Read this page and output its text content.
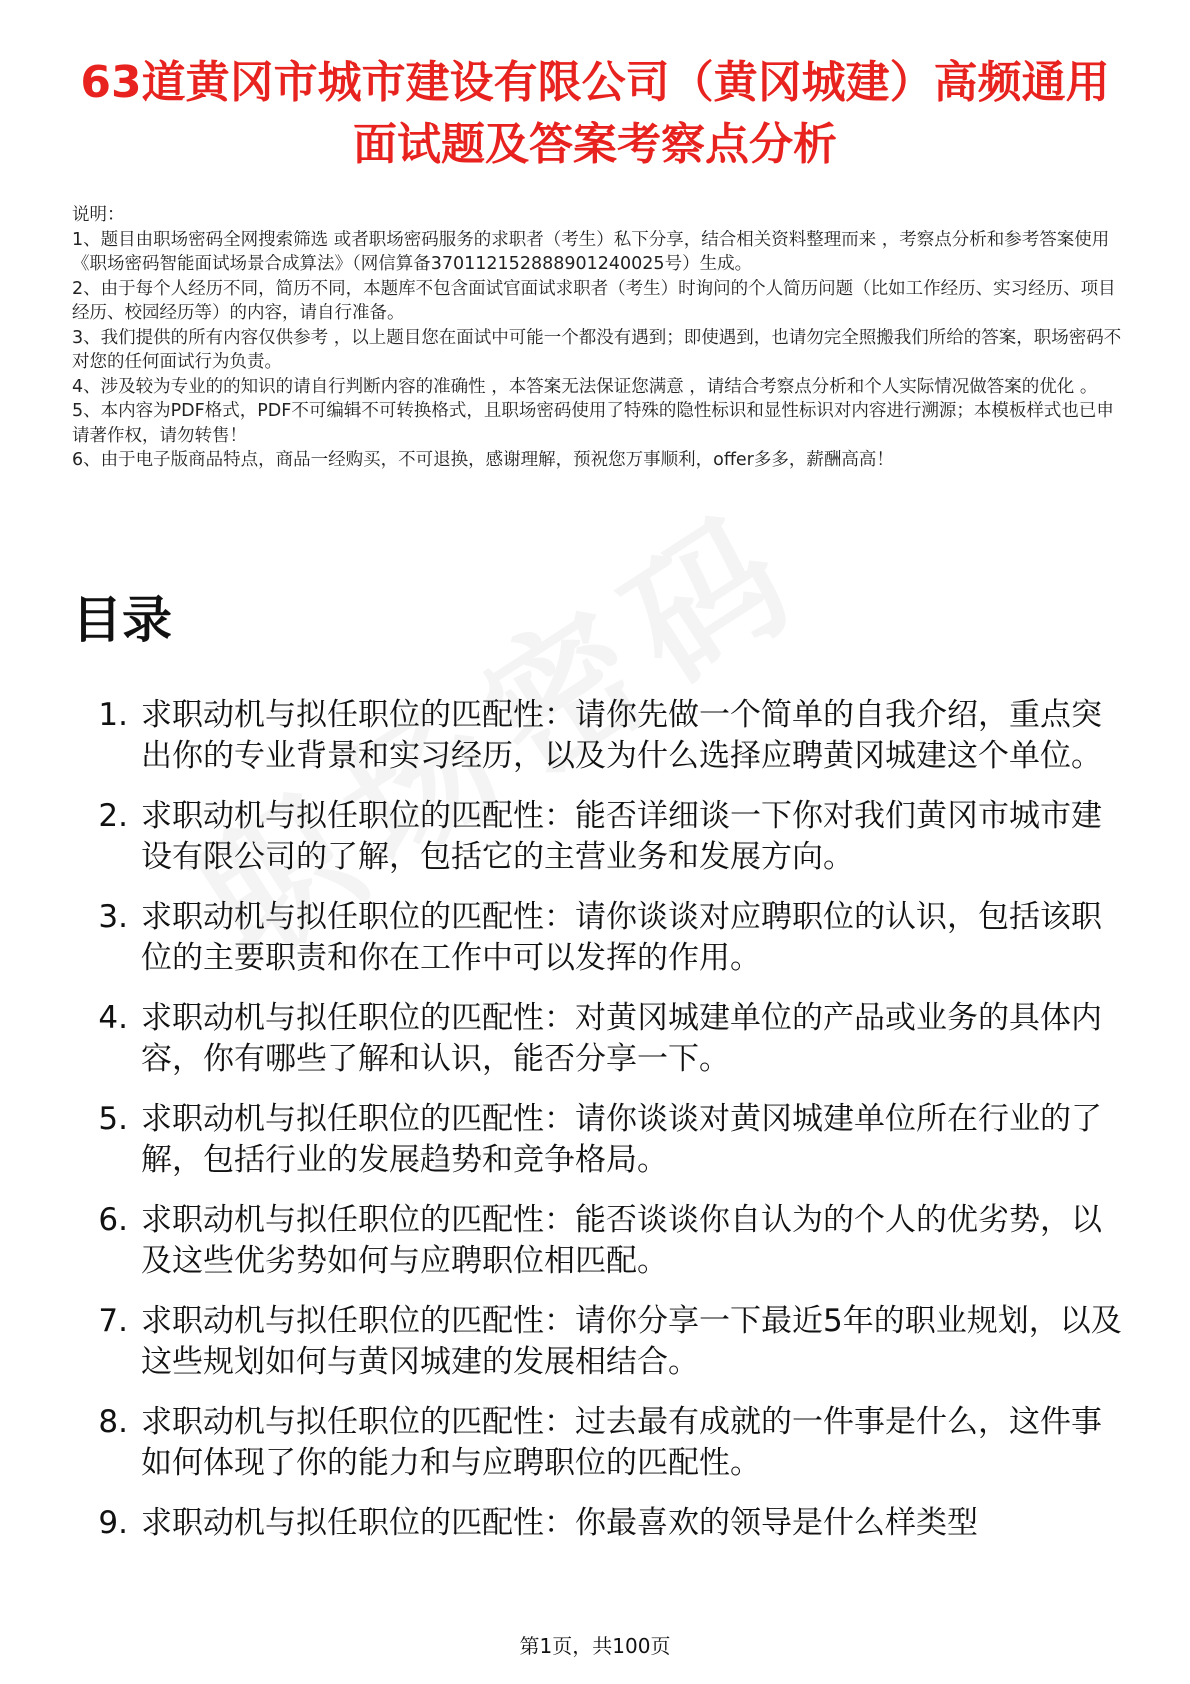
63道黄冈市城市建设有限公司（黄冈城建）高频通用面试题及答案考察点分析

说明：

1、题目由职场密码全网搜索筛选 或者职场密码服务的求职者（考生）私下分享，结合相关资料整理而来 ，考察点分析和参考答案使用《职场密码智能面试场景合成算法》（网信算备370112152888901240025号）生成。

2、由于每个人经历不同，简历不同，本题库不包含面试官面试求职者（考生）时询问的个人简历问题（比如工作经历、实习经历、项目经历、校园经历等）的内容，请自行准备。

3、我们提供的所有内容仅供参考 ，以上题目您在面试中可能一个都没有遇到；即使遇到，也请勿完全照搬我们所给的答案，职场密码不对您的任何面试行为负责。

4、涉及较为专业的的知识的请自行判断内容的准确性 ，本答案无法保证您满意 ，请结合考察点分析和个人实际情况做答案的优化 。

5、本内容为PDF格式，PDF不可编辑不可转换格式，且职场密码使用了特殊的隐性标识和显性标识对内容进行溯源；本模板样式也已申请著作权，请勿转售！

6、由于电子版商品特点，商品一经购买，不可退换，感谢理解，预祝您万事顺利，offer多多，薪酬高高！

目录
1. 求职动机与拟任职位的匹配性：请你先做一个简单的自我介绍，重点突出你的专业背景和实习经历，以及为什么选择应聘黄冈城建这个单位。
2. 求职动机与拟任职位的匹配性：能否详细谈一下你对我们黄冈市城市建设有限公司的了解，包括它的主营业务和发展方向。
3. 求职动机与拟任职位的匹配性：请你谈谈对应聘职位的认识，包括该职位的主要职责和你在工作中可以发挥的作用。
4. 求职动机与拟任职位的匹配性：对黄冈城建单位的产品或业务的具体内容，你有哪些了解和认识，能否分享一下。
5. 求职动机与拟任职位的匹配性：请你谈谈对黄冈城建单位所在行业的了解，包括行业的发展趋势和竞争格局。
6. 求职动机与拟任职位的匹配性：能否谈谈你自认为的个人的优劣势，以及这些优劣势如何与应聘职位相匹配。
7. 求职动机与拟任职位的匹配性：请你分享一下最近5年的职业规划，以及这些规划如何与黄冈城建的发展相结合。
8. 求职动机与拟任职位的匹配性：过去最有成就的一件事是什么，这件事如何体现了你的能力和与应聘职位的匹配性。
9. 求职动机与拟任职位的匹配性：你最喜欢的领导是什么样类型
第1页，共100页
